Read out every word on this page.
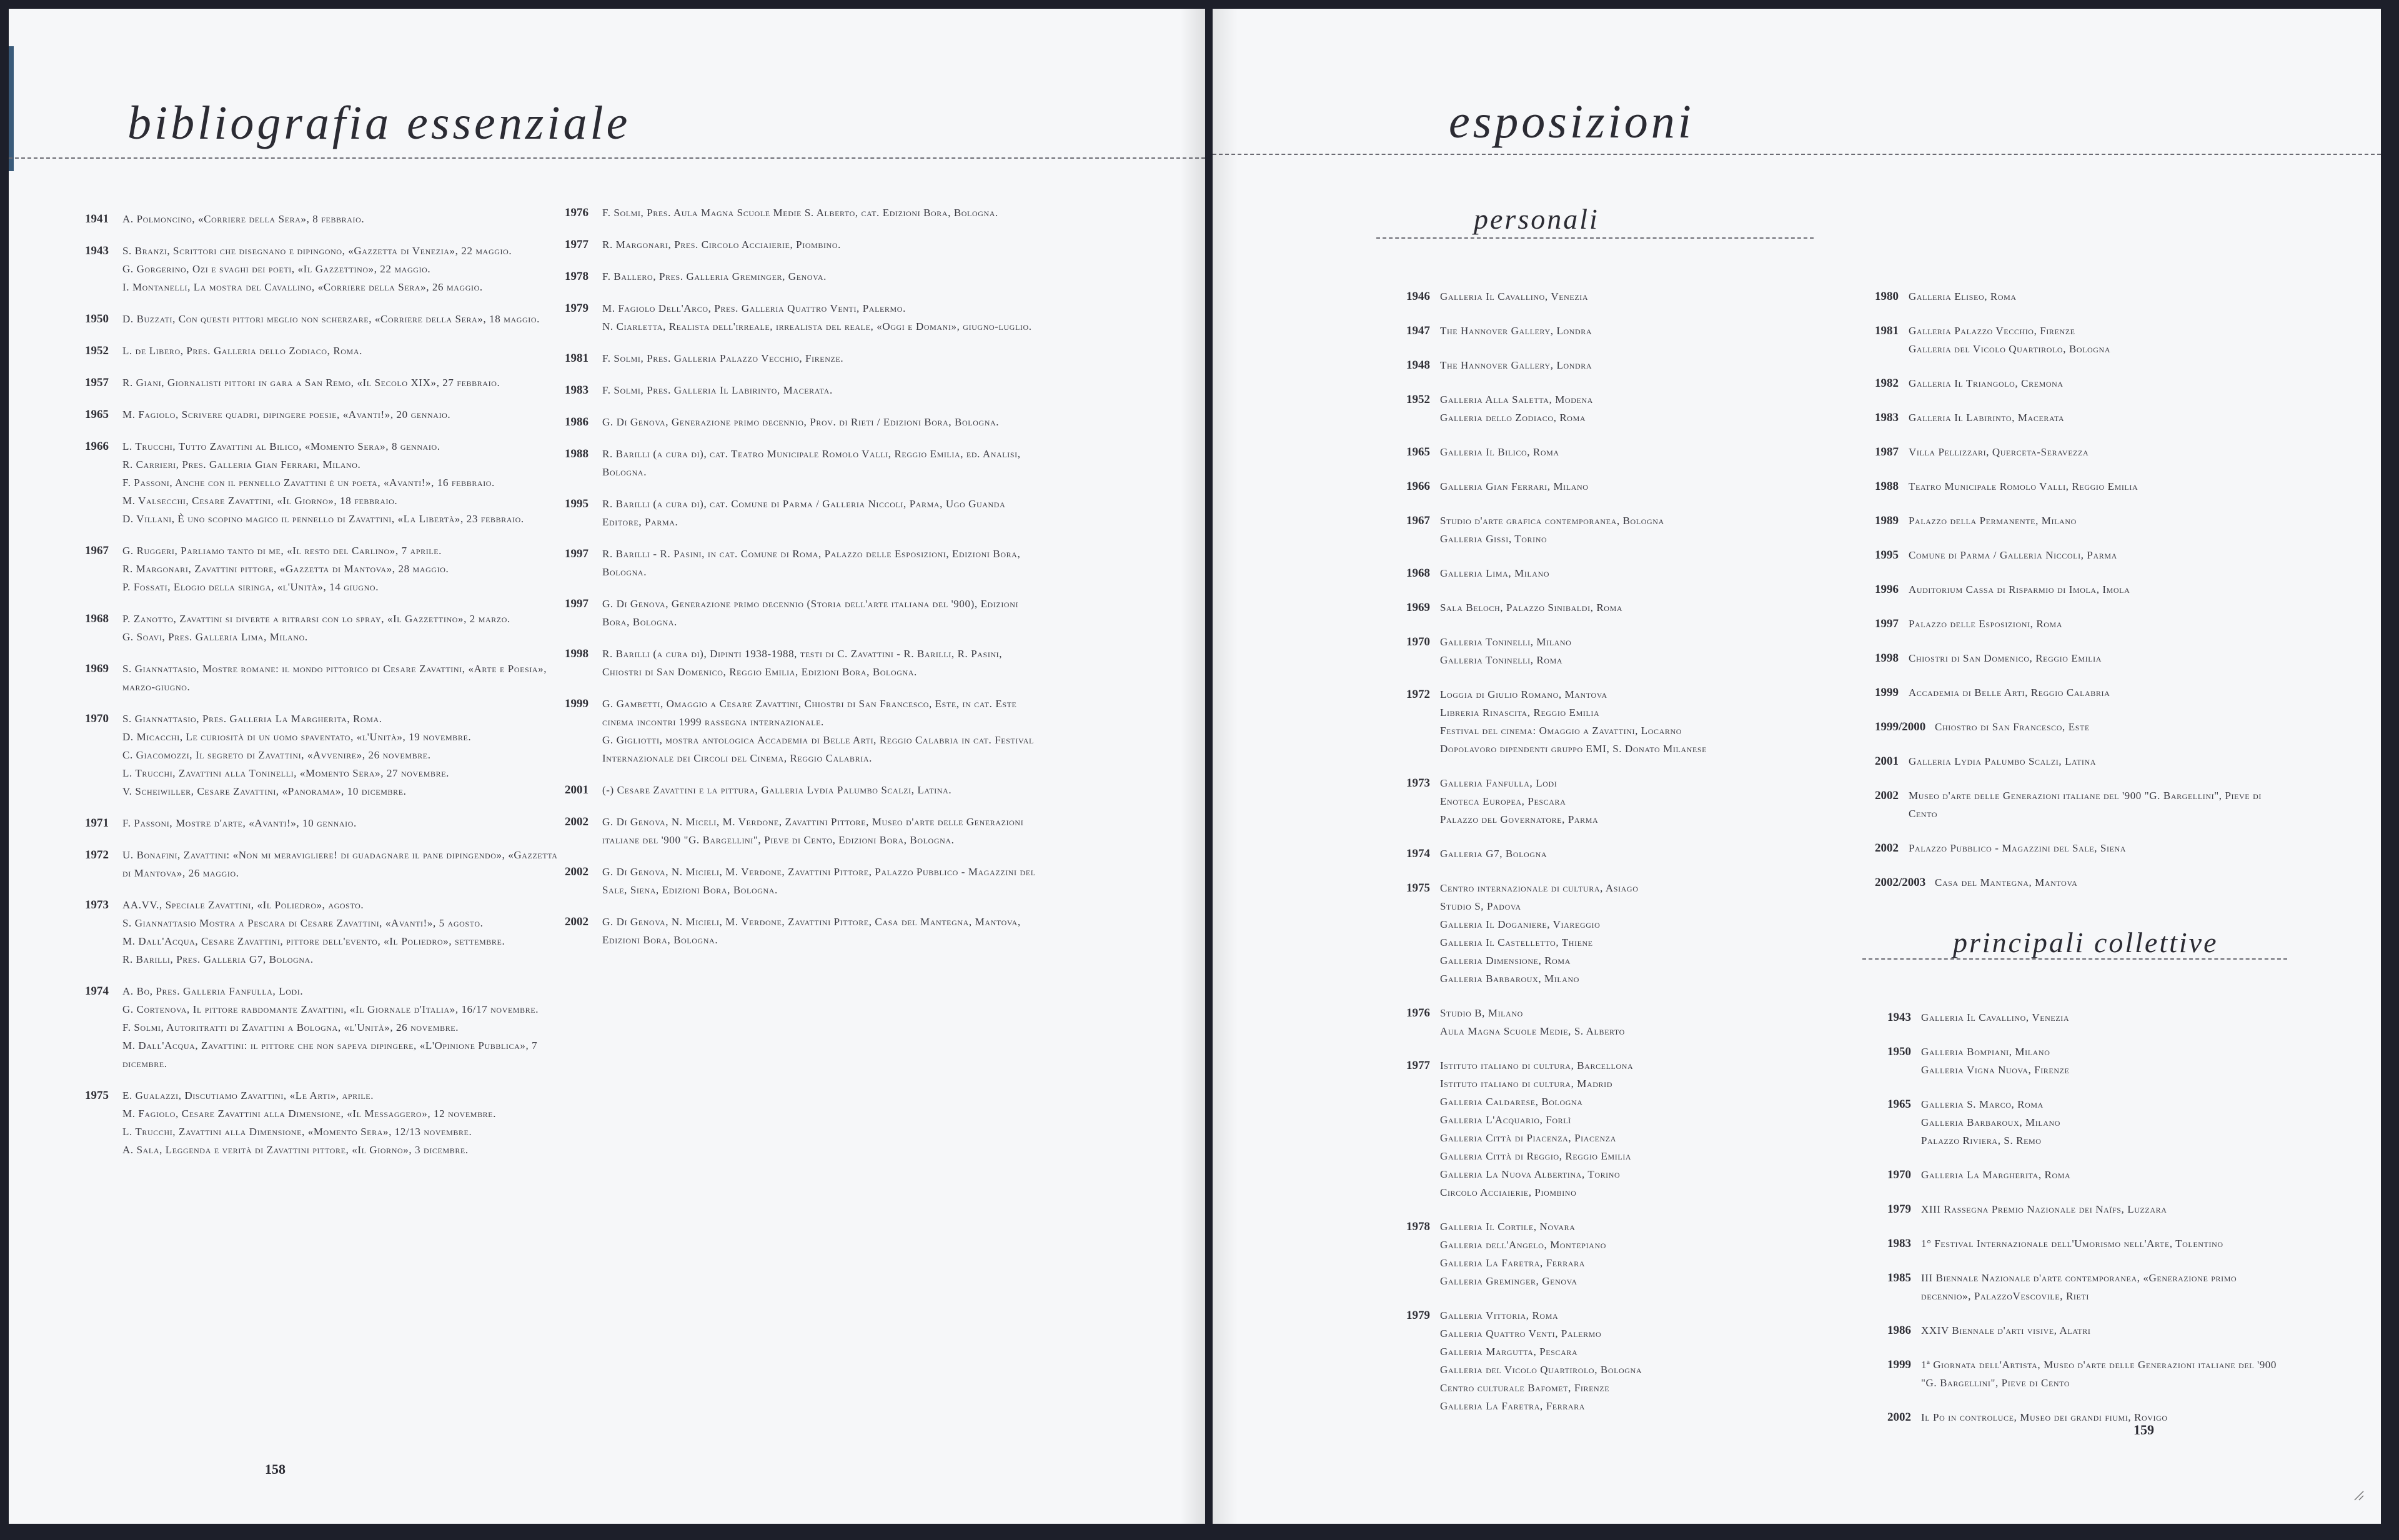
bibliografia essenziale
1941 A. Polmoncino, «Corriere della Sera», 8 febbraio.
1943 S. Branzi, Scrittori che disegnano e dipingono, «Gazzetta di Venezia», 22 maggio.
G. Gorgerino, Ozi e svaghi dei poeti, «Il Gazzettino», 22 maggio.
I. Montanelli, La mostra del Cavallino, «Corriere della Sera», 26 maggio.
1950 D. Buzzati, Con questi pittori meglio non scherzare, «Corriere della Sera», 18 maggio.
1952 L. de Libero, Pres. Galleria dello Zodiaco, Roma.
1957 R. Giani, Giornalisti pittori in gara a San Remo, «Il Secolo XIX», 27 febbraio.
1965 M. Fagiolo, Scrivere quadri, dipingere poesie, «Avanti!», 20 gennaio.
1966 L. Trucchi, Tutto Zavattini al Bilico, «Momento Sera», 8 gennaio.
R. Carrieri, Pres. Galleria Gian Ferrari, Milano.
F. Passoni, Anche con il pennello Zavattini è un poeta, «Avanti!», 16 febbraio.
M. Valsecchi, Cesare Zavattini, «Il Giorno», 18 febbraio.
D. Villani, È uno scopino magico il pennello di Zavattini, «La Libertà», 23 febbraio.
1967 G. Ruggeri, Parliamo tanto di me, «Il resto del Carlino», 7 aprile.
R. Margonari, Zavattini pittore, «Gazzetta di Mantova», 28 maggio.
P. Fossati, Elogio della siringa, «l'Unità», 14 giugno.
1968 P. Zanotto, Zavattini si diverte a ritrarsi con lo spray, «Il Gazzettino», 2 marzo.
G. Soavi, Pres. Galleria Lima, Milano.
1969 S. Giannattasio, Mostre romane: il mondo pittorico di Cesare Zavattini, «Arte e Poesia», marzo-giugno.
1970 S. Giannattasio, Pres. Galleria La Margherita, Roma.
D. Micacchi, Le curiosità di un uomo spaventato, «l'Unità», 19 novembre.
C. Giacomozzi, Il segreto di Zavattini, «Avvenire», 26 novembre.
L. Trucchi, Zavattini alla Toninelli, «Momento Sera», 27 novembre.
V. Scheiwiller, Cesare Zavattini, «Panorama», 10 dicembre.
1971 F. Passoni, Mostre d'arte, «Avanti!», 10 gennaio.
1972 U. Bonafini, Zavattini: «Non mi meravigliere! di guadagnare il pane dipingendo», «Gazzetta di Mantova», 26 maggio.
1973 AA.VV., Speciale Zavattini, «Il Poliedro», agosto.
S. Giannattasio Mostra a Pescara di Cesare Zavattini, «Avanti!», 5 agosto.
M. Dall'Acqua, Cesare Zavattini, pittore dell'evento, «Il Poliedro», settembre.
R. Barilli, Pres. Galleria G7, Bologna.
1974 A. Bo, Pres. Galleria Fanfulla, Lodi.
G. Cortenova, Il pittore rabdomante Zavattini, «Il Giornale d'Italia», 16/17 novembre.
F. Solmi, Autoritratti di Zavattini a Bologna, «l'Unità», 26 novembre.
M. Dall'Acqua, Zavattini: il pittore che non sapeva dipingere, «L'Opinione Pubblica», 7 dicembre.
1975 E. Gualazzi, Discutiamo Zavattini, «Le Arti», aprile.
M. Fagiolo, Cesare Zavattini alla Dimensione, «Il Messaggero», 12 novembre.
L. Trucchi, Zavattini alla Dimensione, «Momento Sera», 12/13 novembre.
A. Sala, Leggenda e verità di Zavattini pittore, «Il Giorno», 3 dicembre.
1976 F. Solmi, Pres. Aula Magna Scuole Medie S. Alberto, cat. Edizioni Bora, Bologna.
1977 R. Margonari, Pres. Circolo Acciaierie, Piombino.
1978 F. Ballero, Pres. Galleria Greminger, Genova.
1979 M. Fagiolo Dell'Arco, Pres. Galleria Quattro Venti, Palermo.
N. Ciarletta, Realista dell'irreale, irrealista del reale, «Oggi e Domani», giugno-luglio.
1981 F. Solmi, Pres. Galleria Palazzo Vecchio, Firenze.
1983 F. Solmi, Pres. Galleria Il Labirinto, Macerata.
1986 G. Di Genova, Generazione primo decennio, Prov. di Rieti / Edizioni Bora, Bologna.
1988 R. Barilli (a cura di), cat. Teatro Municipale Romolo Valli, Reggio Emilia, ed. Analisi, Bologna.
1995 R. Barilli (a cura di), cat. Comune di Parma / Galleria Niccoli, Parma, Ugo Guanda Editore, Parma.
1997 R. Barilli - R. Pasini, in cat. Comune di Roma, Palazzo delle Esposizioni, Edizioni Bora, Bologna.
1997 G. Di Genova, Generazione primo decennio (Storia dell'arte italiana del '900), Edizioni Bora, Bologna.
1998 R. Barilli (a cura di), Dipinti 1938-1988, testi di C. Zavattini - R. Barilli, R. Pasini, Chiostri di San Domenico, Reggio Emilia, Edizioni Bora, Bologna.
1999 G. Gambetti, Omaggio a Cesare Zavattini, Chiostri di San Francesco, Este, in cat. Este cinema incontri 1999 rassegna internazionale.
G. Gigliotti, mostra antologica Accademia di Belle Arti, Reggio Calabria in cat. Festival Internazionale dei Circoli del Cinema, Reggio Calabria.
2001 (-) Cesare Zavattini e la pittura, Galleria Lydia Palumbo Scalzi, Latina.
2002 G. Di Genova, N. Miceli, M. Verdone, Zavattini Pittore, Museo d'arte delle Generazioni italiane del '900 "G. Bargellini", Pieve di Cento, Edizioni Bora, Bologna.
2002 G. Di Genova, N. Micieli, M. Verdone, Zavattini Pittore, Palazzo Pubblico - Magazzini del Sale, Siena, Edizioni Bora, Bologna.
2002 G. Di Genova, N. Micieli, M. Verdone, Zavattini Pittore, Casa del Mantegna, Mantova, Edizioni Bora, Bologna.
158
esposizioni
personali
1946 Galleria Il Cavallino, Venezia
1947 The Hannover Gallery, Londra
1948 The Hannover Gallery, Londra
1952 Galleria Alla Saletta, Modena
Galleria dello Zodiaco, Roma
1965 Galleria Il Bilico, Roma
1966 Galleria Gian Ferrari, Milano
1967 Studio d'arte grafica contemporanea, Bologna
Galleria Gissi, Torino
1968 Galleria Lima, Milano
1969 Sala Beloch, Palazzo Sinibaldi, Roma
1970 Galleria Toninelli, Milano
Galleria Toninelli, Roma
1972 Loggia di Giulio Romano, Mantova
Libreria Rinascita, Reggio Emilia
Festival del cinema: Omaggio a Zavattini, Locarno
Dopolavoro dipendenti gruppo EMI, S. Donato Milanese
1973 Galleria Fanfulla, Lodi
Enoteca Europea, Pescara
Palazzo del Governatore, Parma
1974 Galleria G7, Bologna
1975 Centro internazionale di cultura, Asiago
Studio S, Padova
Galleria Il Doganiere, Viareggio
Galleria Il Castelletto, Thiene
Galleria Dimensione, Roma
Galleria Barbaroux, Milano
1976 Studio B, Milano
Aula Magna Scuole Medie, S. Alberto
1977 Istituto italiano di cultura, Barcellona
Istituto italiano di cultura, Madrid
Galleria Caldarese, Bologna
Galleria L'Acquario, Forlì
Galleria Città di Piacenza, Piacenza
Galleria Città di Reggio, Reggio Emilia
Galleria La Nuova Albertina, Torino
Circolo Acciaierie, Piombino
1978 Galleria Il Cortile, Novara
Galleria dell'Angelo, Montepiano
Galleria La Faretra, Ferrara
Galleria Greminger, Genova
1979 Galleria Vittoria, Roma
Galleria Quattro Venti, Palermo
Galleria Margutta, Pescara
Galleria del Vicolo Quartirolo, Bologna
Centro culturale Bafomet, Firenze
Galleria La Faretra, Ferrara
1980 Galleria Eliseo, Roma
1981 Galleria Palazzo Vecchio, Firenze
Galleria del Vicolo Quartirolo, Bologna
1982 Galleria Il Triangolo, Cremona
1983 Galleria Il Labirinto, Macerata
1987 Villa Pellizzari, Querceta-Seravezza
1988 Teatro Municipale Romolo Valli, Reggio Emilia
1989 Palazzo della Permanente, Milano
1995 Comune di Parma / Galleria Niccoli, Parma
1996 Auditorium Cassa di Risparmio di Imola, Imola
1997 Palazzo delle Esposizioni, Roma
1998 Chiostri di San Domenico, Reggio Emilia
1999 Accademia di Belle Arti, Reggio Calabria
1999/2000 Chiostro di San Francesco, Este
2001 Galleria Lydia Palumbo Scalzi, Latina
2002 Museo d'arte delle Generazioni italiane del '900 "G. Bargellini", Pieve di Cento
2002 Palazzo Pubblico - Magazzini del Sale, Siena
2002/2003 Casa del Mantegna, Mantova
principali collettive
1943 Galleria Il Cavallino, Venezia
1950 Galleria Bompiani, Milano
Galleria Vigna Nuova, Firenze
1965 Galleria S. Marco, Roma
Galleria Barbaroux, Milano
Palazzo Riviera, S. Remo
1970 Galleria La Margherita, Roma
1979 XIII Rassegna Premio Nazionale dei Naïfs, Luzzara
1983 1° Festival Internazionale dell'Umorismo nell'Arte, Tolentino
1985 III Biennale Nazionale d'arte contemporanea, «Generazione primo decennio», PalazzoVescovile, Rieti
1986 XXIV Biennale d'arti visive, Alatri
1999 1ª Giornata dell'Artista, Museo d'arte delle Generazioni italiane del '900 "G. Bargellini", Pieve di Cento
2002 Il Po in controluce, Museo dei grandi fiumi, Rovigo
159
